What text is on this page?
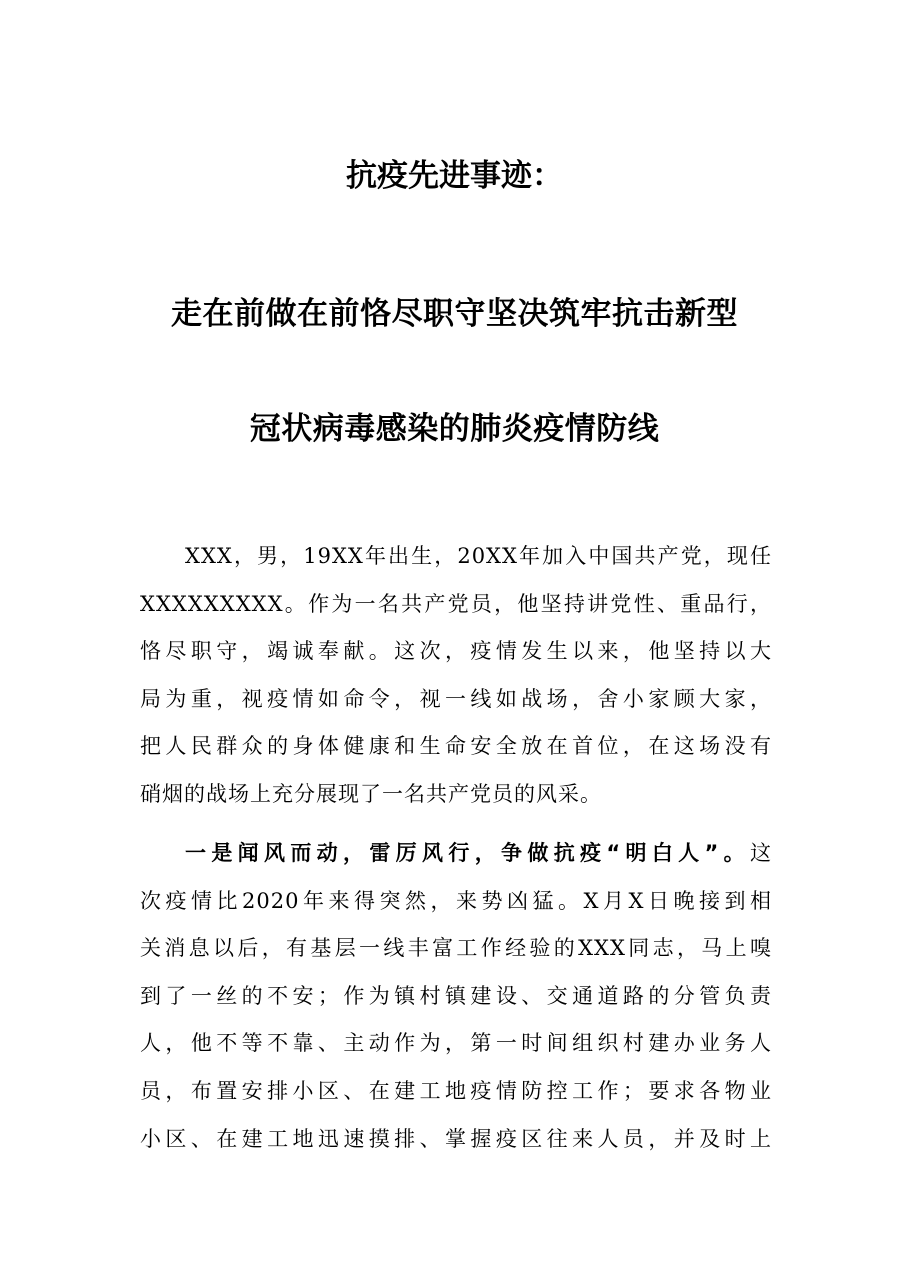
抗疫先进事迹：
走在前做在前恪尽职守坚决筑牢抗击新型
冠状病毒感染的肺炎疫情防线
XXX，男，19XX年出生，20XX年加入中国共产党，现任
XXXXXXXXX。作为一名共产党员，他坚持讲党性、重品行，
恪尽职守，竭诚奉献。这次，疫情发生以来，他坚持以大
局为重，视疫情如命令，视一线如战场，舍小家顾大家，
把人民群众的身体健康和生命安全放在首位，在这场没有
硝烟的战场上充分展现了一名共产党员的风采。
一是闻风而动，雷厉风行，争做抗疫“明白人”。这
次疫情比2020年来得突然，来势凶猛。X月X日晚接到相
关消息以后，有基层一线丰富工作经验的XXX同志，马上嗅
到了一丝的不安；作为镇村镇建设、交通道路的分管负责
人，他不等不靠、主动作为，第一时间组织村建办业务人
员，布置安排小区、在建工地疫情防控工作；要求各物业
小区、在建工地迅速摸排、掌握疫区往来人员，并及时上
